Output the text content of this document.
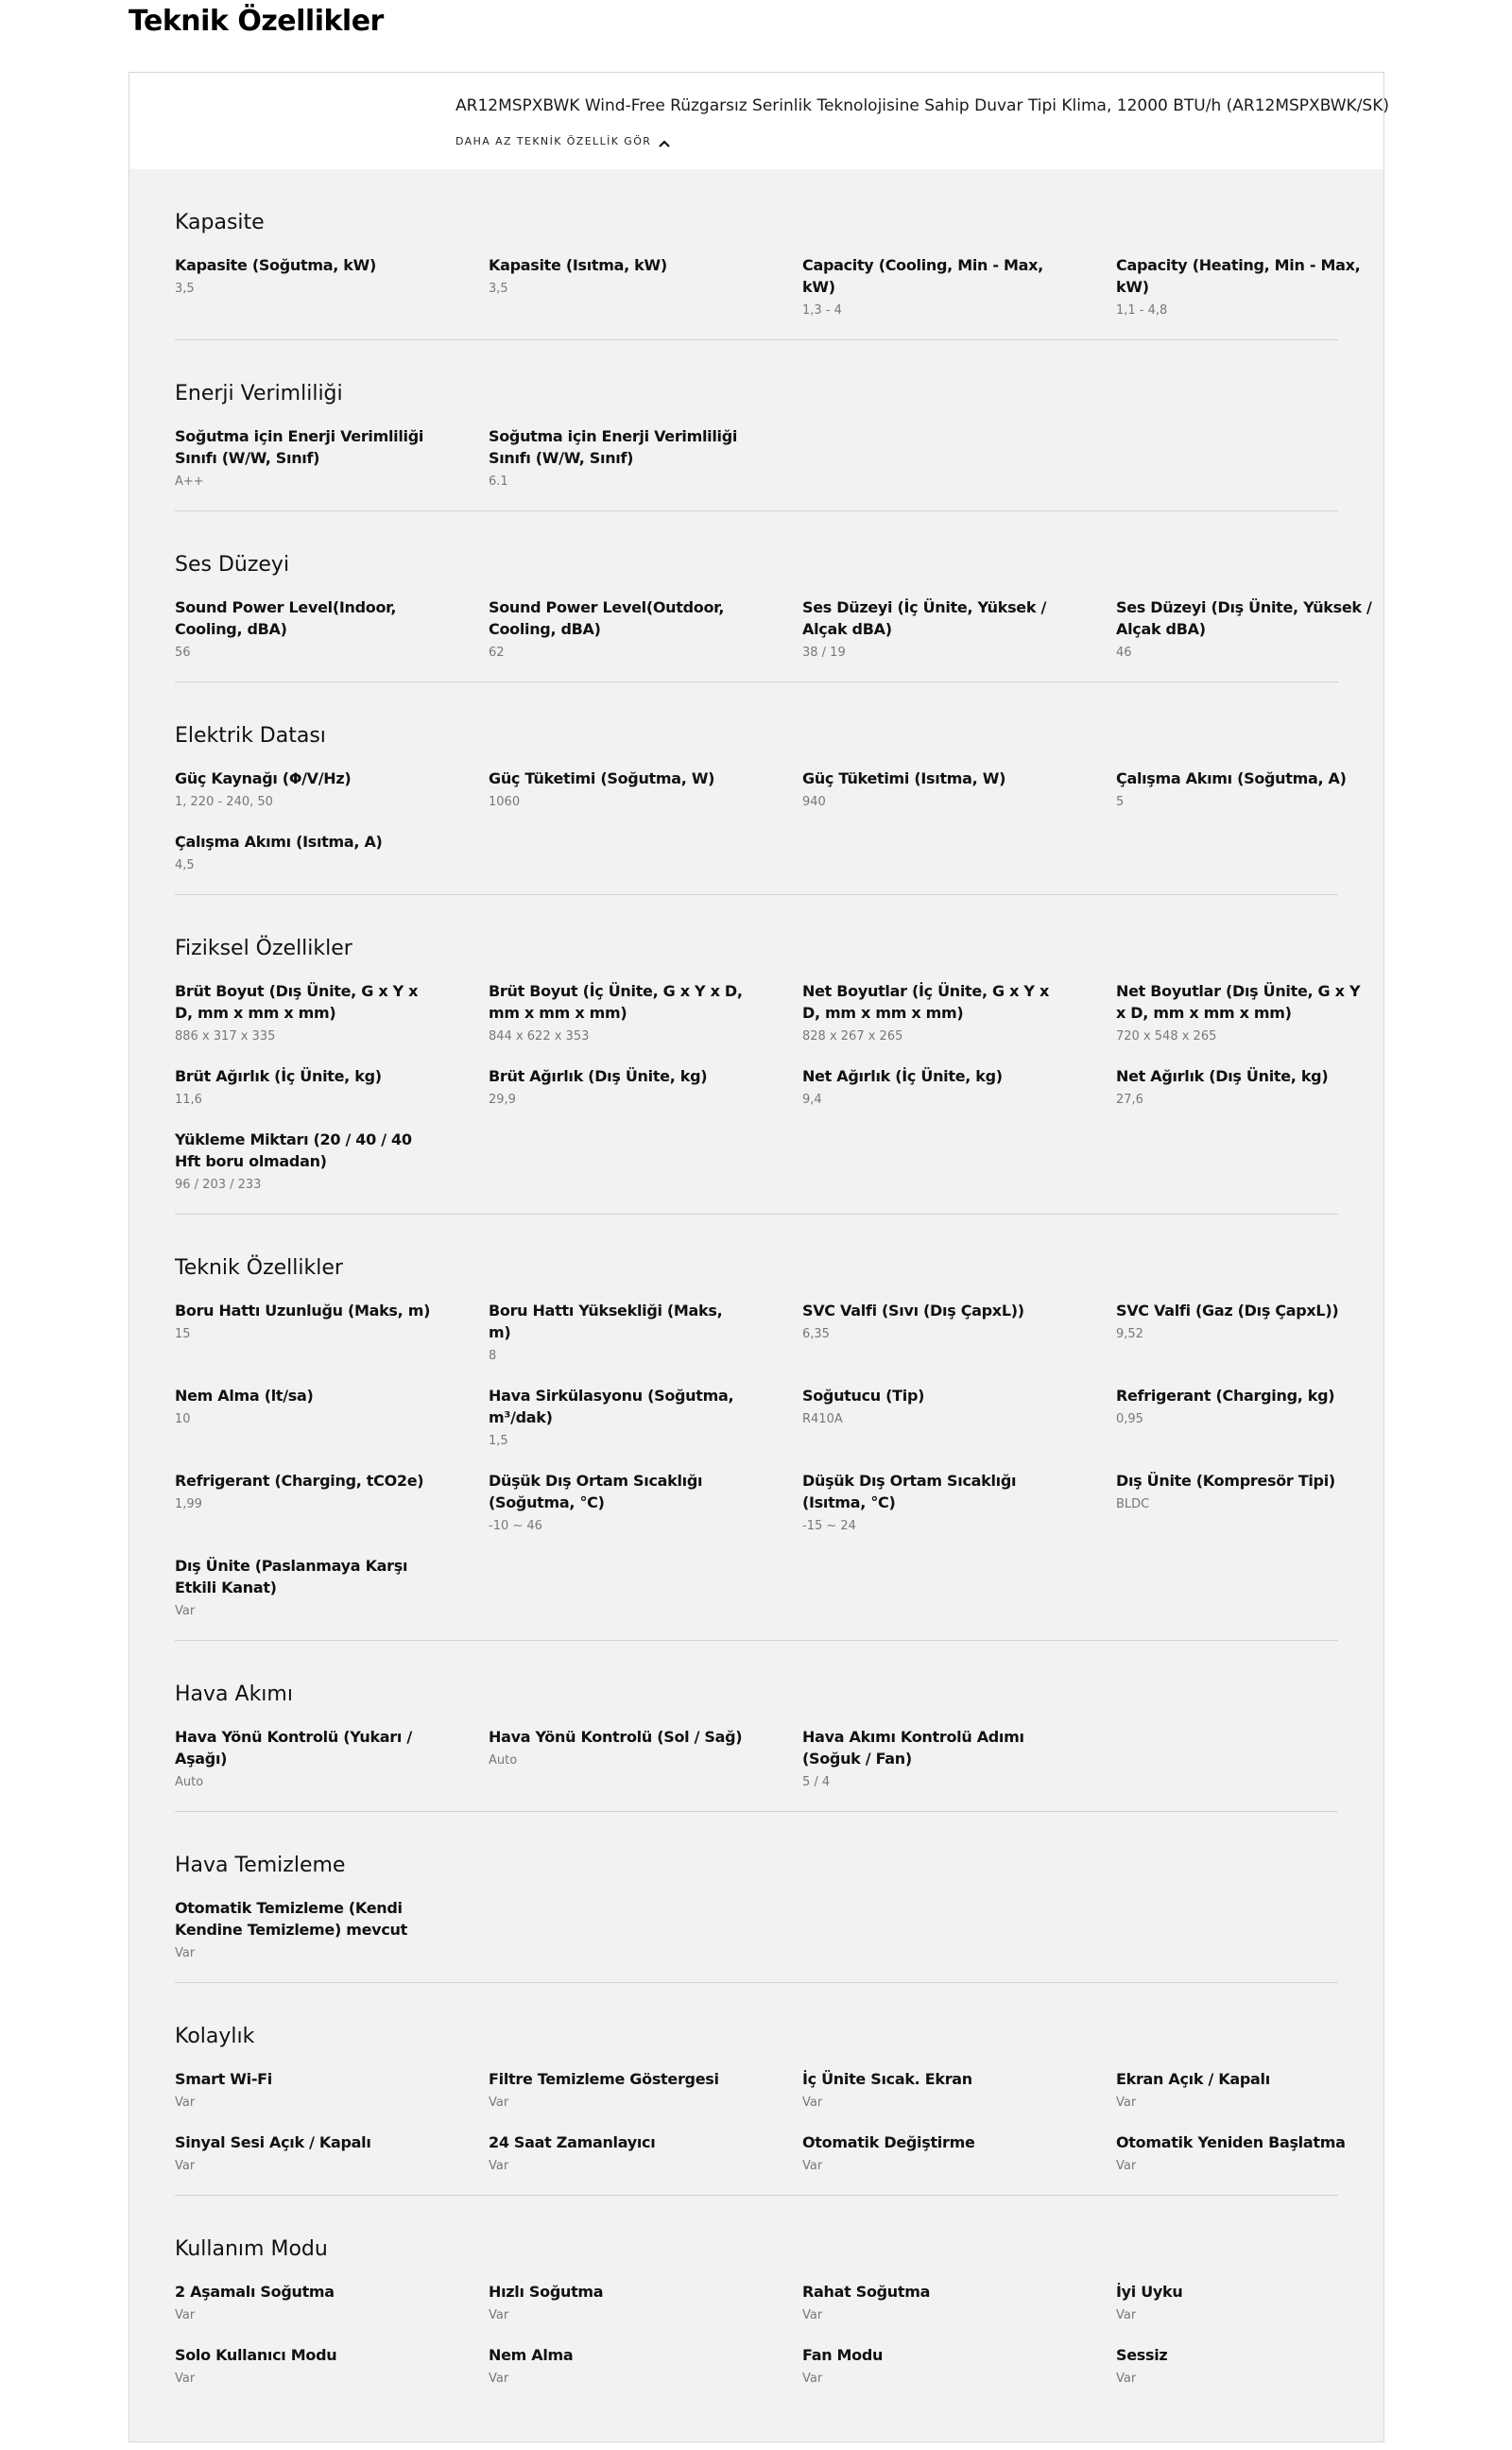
Teknik Özellikler
AR12MSPXBWK Wind-Free Rüzgarsız Serinlik Teknolojisine Sahip Duvar Tipi Klima, 12000 BTU/h (AR12MSPXBWK/SK)
DAHA AZ TEKNİK ÖZELLİK GÖR
Kapasite
Kapasite (Soğutma, kW)
3,5
Kapasite (Isıtma, kW)
3,5
Capacity (Cooling, Min - Max, kW)
1,3 - 4
Capacity (Heating, Min - Max, kW)
1,1 - 4,8
Enerji Verimliliği
Soğutma için Enerji Verimliliği Sınıfı (W/W, Sınıf)
A++
Soğutma için Enerji Verimliliği Sınıfı (W/W, Sınıf)
6.1
Ses Düzeyi
Sound Power Level(Indoor, Cooling, dBA)
56
Sound Power Level(Outdoor, Cooling, dBA)
62
Ses Düzeyi (İç Ünite, Yüksek / Alçak dBA)
38 / 19
Ses Düzeyi (Dış Ünite, Yüksek / Alçak dBA)
46
Elektrik Datası
Güç Kaynağı (Φ/V/Hz)
1, 220 - 240, 50
Güç Tüketimi (Soğutma, W)
1060
Güç Tüketimi (Isıtma, W)
940
Çalışma Akımı (Soğutma, A)
5
Çalışma Akımı (Isıtma, A)
4,5
Fiziksel Özellikler
Brüt Boyut (Dış Ünite, G x Y x D, mm x mm x mm)
886 x 317 x 335
Brüt Boyut (İç Ünite, G x Y x D, mm x mm x mm)
844 x 622 x 353
Net Boyutlar (İç Ünite, G x Y x D, mm x mm x mm)
828 x 267 x 265
Net Boyutlar (Dış Ünite, G x Y x D, mm x mm x mm)
720 x 548 x 265
Brüt Ağırlık (İç Ünite, kg)
11,6
Brüt Ağırlık (Dış Ünite, kg)
29,9
Net Ağırlık (İç Ünite, kg)
9,4
Net Ağırlık (Dış Ünite, kg)
27,6
Yükleme Miktarı (20 / 40 / 40 Hft boru olmadan)
96 / 203 / 233
Teknik Özellikler
Boru Hattı Uzunluğu (Maks, m)
15
Boru Hattı Yüksekliği (Maks, m)
8
SVC Valfi (Sıvı (Dış ÇapxL))
6,35
SVC Valfi (Gaz (Dış ÇapxL))
9,52
Nem Alma (lt/sa)
10
Hava Sirkülasyonu (Soğutma, m³/dak)
1,5
Soğutucu (Tip)
R410A
Refrigerant (Charging, kg)
0,95
Refrigerant (Charging, tCO2e)
1,99
Düşük Dış Ortam Sıcaklığı (Soğutma, °C)
-10 ~ 46
Düşük Dış Ortam Sıcaklığı (Isıtma, °C)
-15 ~ 24
Dış Ünite (Kompresör Tipi)
BLDC
Dış Ünite (Paslanmaya Karşı Etkili Kanat)
Var
Hava Akımı
Hava Yönü Kontrolü (Yukarı / Aşağı)
Auto
Hava Yönü Kontrolü (Sol / Sağ)
Auto
Hava Akımı Kontrolü Adımı (Soğuk / Fan)
5 / 4
Hava Temizleme
Otomatik Temizleme (Kendi Kendine Temizleme) mevcut
Var
Kolaylık
Smart Wi-Fi
Var
Filtre Temizleme Göstergesi
Var
İç Ünite Sıcak. Ekran
Var
Ekran Açık / Kapalı
Var
Sinyal Sesi Açık / Kapalı
Var
24 Saat Zamanlayıcı
Var
Otomatik Değiştirme
Var
Otomatik Yeniden Başlatma
Var
Kullanım Modu
2 Aşamalı Soğutma
Var
Hızlı Soğutma
Var
Rahat Soğutma
Var
İyi Uyku
Var
Solo Kullanıcı Modu
Var
Nem Alma
Var
Fan Modu
Var
Sessiz
Var
